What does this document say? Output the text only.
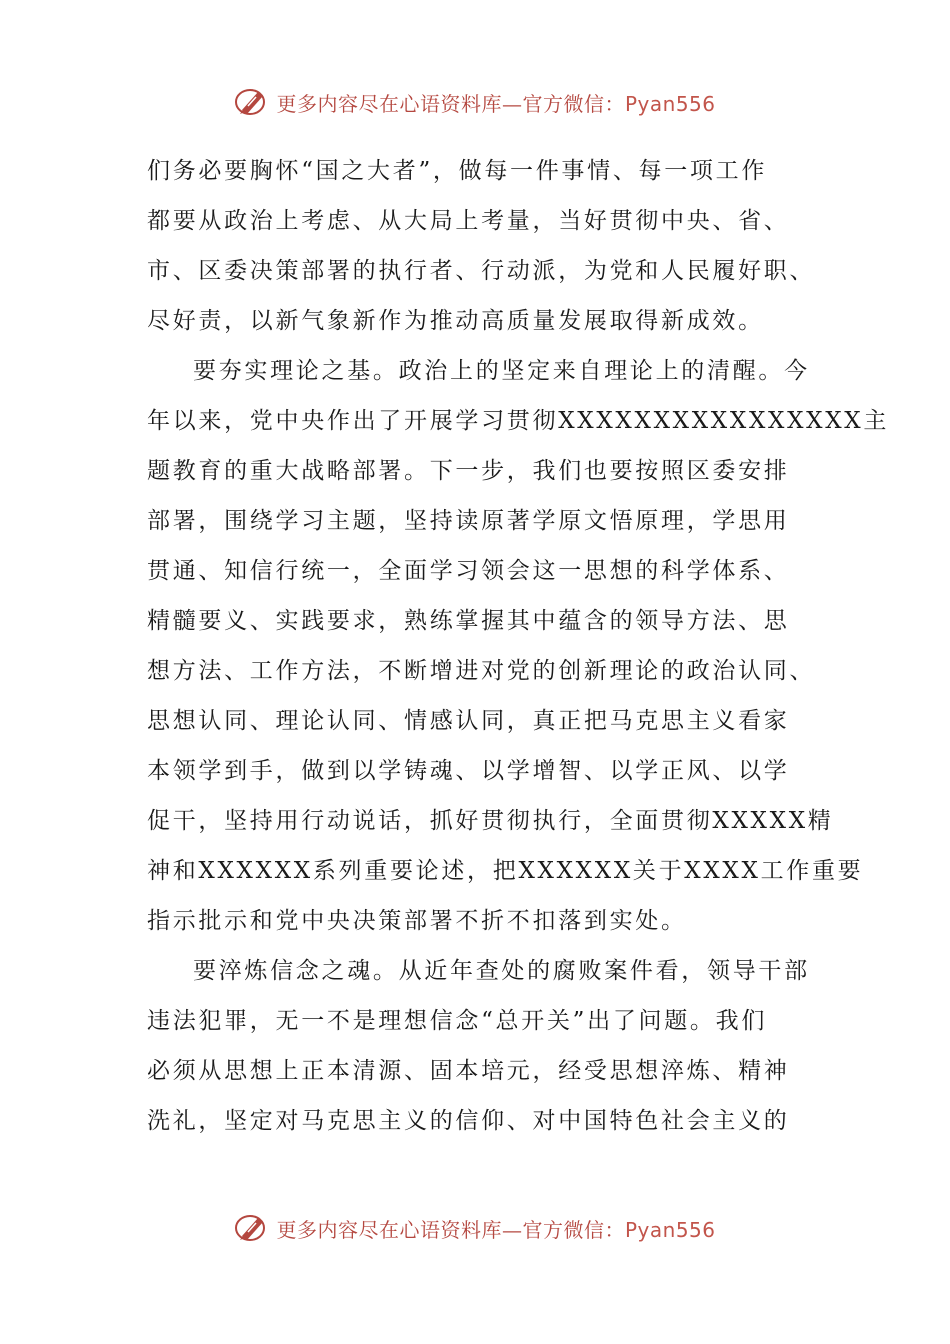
更多内容尽在心语资料库—官方微信：Pyan556
们务必要胸怀“国之大者”，做每一件事情、每一项工作
都要从政治上考虑、从大局上考量，当好贯彻中央、省、
市、区委决策部署的执行者、行动派，为党和人民履好职、
尽好责，以新气象新作为推动高质量发展取得新成效。
要夯实理论之基。政治上的坚定来自理论上的清醒。今
年以来，党中央作出了开展学习贯彻XXXXXXXXXXXXXXXX主
题教育的重大战略部署。下一步，我们也要按照区委安排
部署，围绕学习主题，坚持读原著学原文悟原理，学思用
贯通、知信行统一，全面学习领会这一思想的科学体系、
精髓要义、实践要求，熟练掌握其中蕴含的领导方法、思
想方法、工作方法，不断增进对党的创新理论的政治认同、
思想认同、理论认同、情感认同，真正把马克思主义看家
本领学到手，做到以学铸魂、以学增智、以学正风、以学
促干，坚持用行动说话，抓好贯彻执行，全面贯彻XXXXX精
神和XXXXXX系列重要论述，把XXXXXX关于XXXX工作重要
指示批示和党中央决策部署不折不扣落到实处。
要淬炼信念之魂。从近年查处的腐败案件看，领导干部
违法犯罪，无一不是理想信念“总开关”出了问题。我们
必须从思想上正本清源、固本培元，经受思想淬炼、精神
洗礼，坚定对马克思主义的信仰、对中国特色社会主义的
更多内容尽在心语资料库—官方微信：Pyan556
